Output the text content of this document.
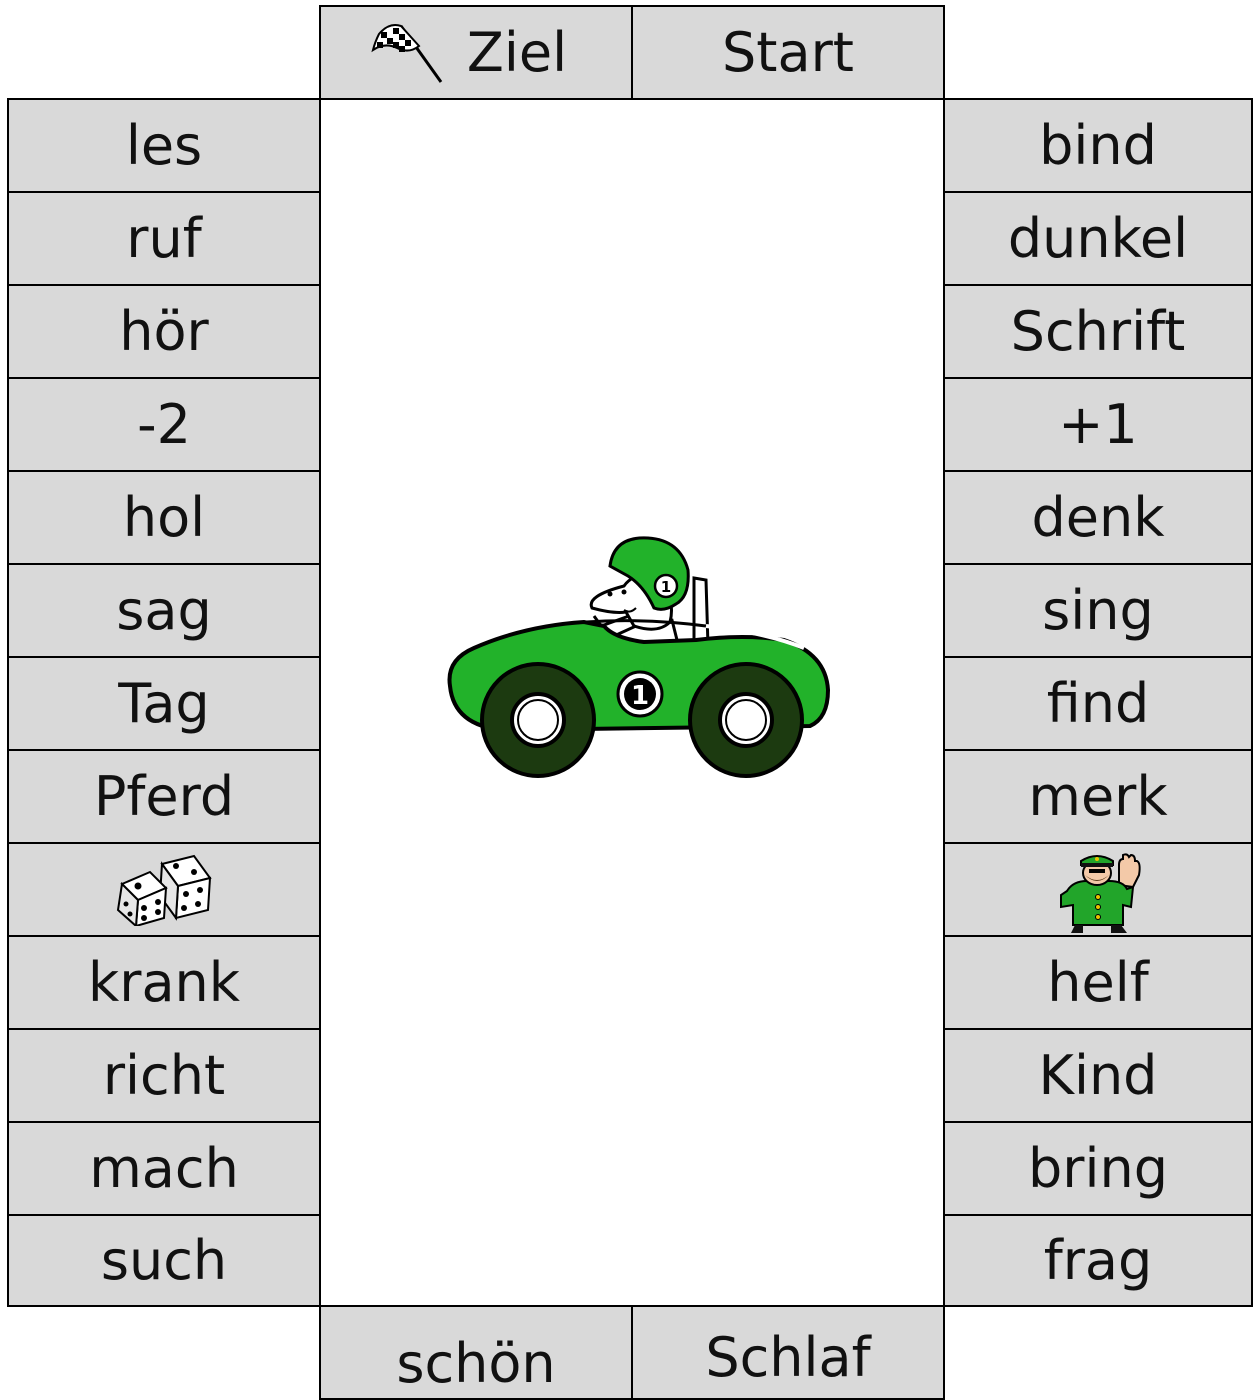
Ziel	Start
1
1
les
ruf
hör
-2
hol
sag
Tag
Pferd
krank
richt
mach
such
bind
dunkel
Schrift
+1
denk
sing
find
merk
helf
Kind
bring
frag
schön	Schlaf
